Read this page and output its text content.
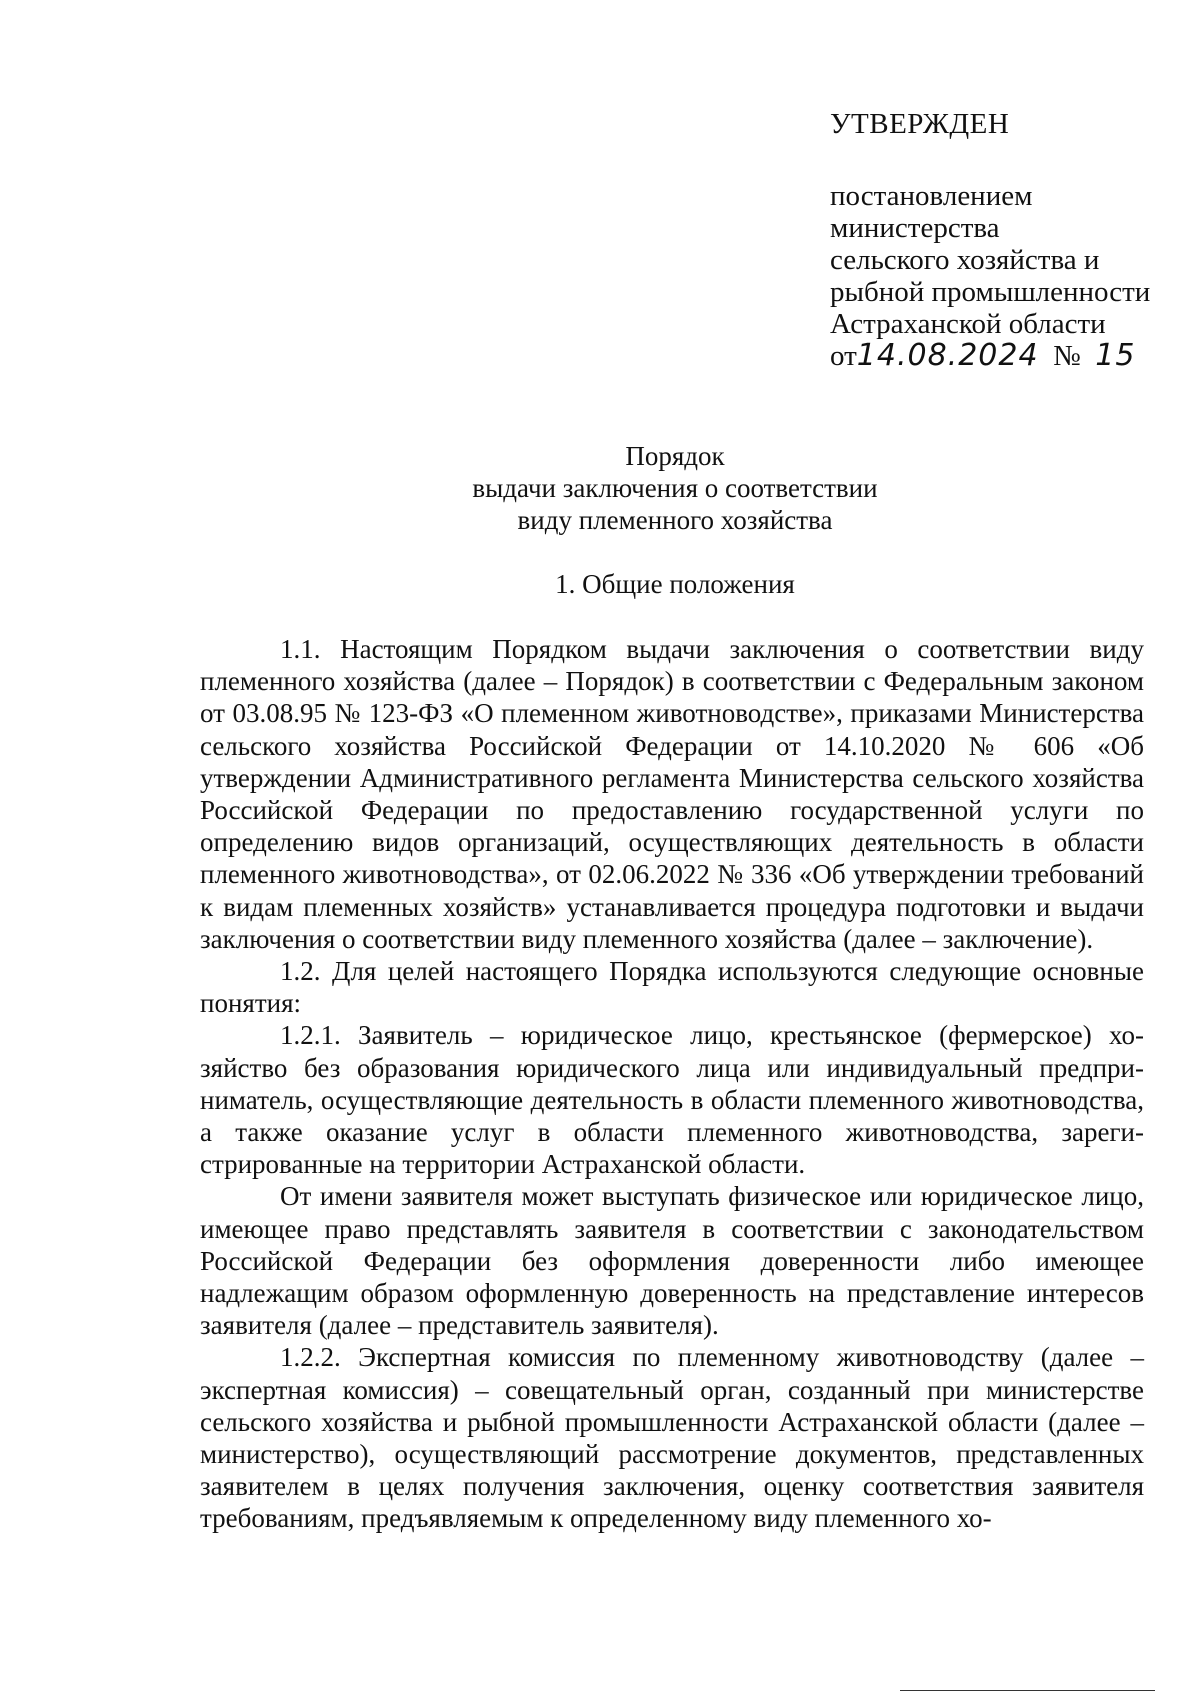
УТВЕРЖДЕН
постановлением
министерства
сельского хозяйства и
рыбной промышленности
Астраханской области
от14.08.2024 № 15
Порядок
выдачи заключения о соответствии
виду племенного хозяйства
1. Общие положения

1.1. Настоящим Порядком выдачи заключения о соответствии виду племенного хозяйства (далее – Порядок) в соответствии с Федеральным законом от 03.08.95 № 123-ФЗ «О племенном животноводстве», приказами Министерства сельского хозяйства Российской Федерации от 14.10.2020 № 606 «Об утверждении Административного регламента Министерства сельского хозяйства Российской Федерации по предоставлению государственной услуги по определению видов организаций, осуществляющих деятельность в области племенного животноводства», от 02.06.2022 № 336 «Об утверждении требований к видам племенных хозяйств» устанавливается процедура подготовки и выдачи заключения о соответствии виду племенного хозяйства (далее – заключение).

1.2. Для целей настоящего Порядка используются следующие основные понятия:

1.2.1. Заявитель – юридическое лицо, крестьянское (фермерское) хозяйство без образования юридического лица или индивидуальный предприниматель, осуществляющие деятельность в области племенного животноводства, а также оказание услуг в области племенного животноводства, зарегистрированные на территории Астраханской области.

От имени заявителя может выступать физическое или юридическое лицо, имеющее право представлять заявителя в соответствии с законодательством Российской Федерации без оформления доверенности либо имеющее надлежащим образом оформленную доверенность на представление интересов заявителя (далее – представитель заявителя).

1.2.2. Экспертная комиссия по племенному животноводству (далее – экспертная комиссия) – совещательный орган, созданный при министерстве сельского хозяйства и рыбной промышленности Астраханской области (далее – министерство), осуществляющий рассмотрение документов, представленных заявителем в целях получения заключения, оценку соответствия заявителя требованиям, предъявляемым к определенному виду племенного хо-
